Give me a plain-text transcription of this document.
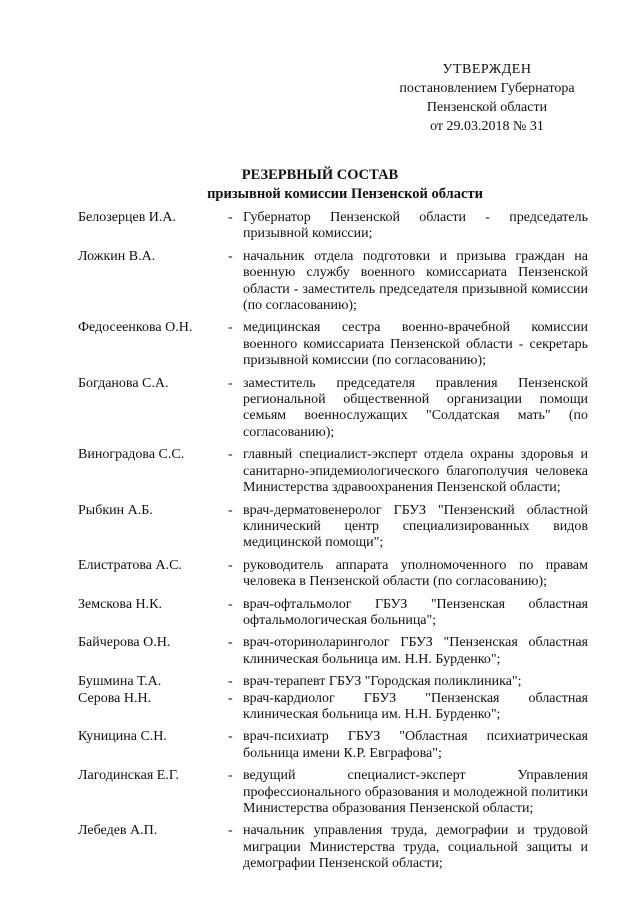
УТВЕРЖДЕН
постановлением Губернатора
Пензенской области
от 29.03.2018 № 31
РЕЗЕРВНЫЙ СОСТАВ
призывной комиссии Пензенской области
Белозерцев И.А.	- Губернатор Пензенской области - председатель призывной комиссии;
Ложкин В.А.	- начальник отдела подготовки и призыва граждан на военную службу военного комиссариата Пензенской области - заместитель председателя призывной комиссии (по согласованию);
Федосеенкова О.Н.	- медицинская сестра военно-врачебной комиссии военного комиссариата Пензенской области - секретарь призывной комиссии (по согласованию);
Богданова С.А.	- заместитель председателя правления Пензенской региональной общественной организации помощи семьям военнослужащих "Солдатская мать" (по согласованию);
Виноградова С.С.	- главный специалист-эксперт отдела охраны здоровья и санитарно-эпидемиологического благополучия человека Министерства здравоохранения Пензенской области;
Рыбкин А.Б.	- врач-дерматовенеролог ГБУЗ "Пензенский областной клинический центр специализированных видов медицинской помощи";
Елистратова А.С.	- руководитель аппарата уполномоченного по правам человека в Пензенской области (по согласованию);
Земскова Н.К.	- врач-офтальмолог ГБУЗ "Пензенская областная офтальмологическая больница";
Байчерова О.Н.	- врач-оториноларинголог ГБУЗ "Пензенская областная клиническая больница им. Н.Н. Бурденко";
Бушмина Т.А.	- врач-терапевт ГБУЗ "Городская поликлиника";
Серова Н.Н.	- врач-кардиолог ГБУЗ "Пензенская областная клиническая больница им. Н.Н. Бурденко";
Куницина С.Н.	- врач-психиатр ГБУЗ "Областная психиатрическая больница имени К.Р. Евграфова";
Лагодинская Е.Г.	- ведущий специалист-эксперт Управления профессионального образования и молодежной политики Министерства образования Пензенской области;
Лебедев А.П.	- начальник управления труда, демографии и трудовой миграции Министерства труда, социальной защиты и демографии Пензенской области;
